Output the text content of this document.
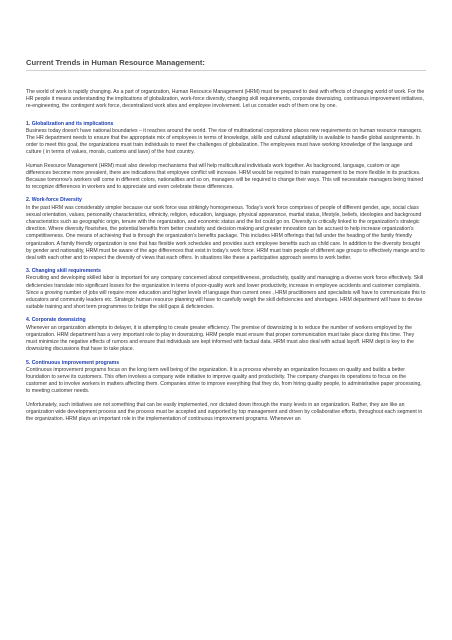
Current Trends in Human Resource Management:

The world of work is rapidly changing. As a part of organization, Human Resource Management (HRM) must be prepared to deal with effects of changing world of work. For the HR people it means understanding the implications of globalization, work-force diversity, changing skill requirements, corporate downsizing, continuous improvement initiatives, re-engineering, the contingent work force, decentralized work sites and employee involvement. Let us consider each of them one by one.

1. Globalization and its implications

Business today doesn't have national boundaries – it reaches around the world. The rise of multinational corporations places new requirements on human resource managers. The HR department needs to ensure that the appropriate mix of employees in terms of knowledge, skills and cultural adaptability is available to handle global assignments. In order to meet this goal, the organizations must train individuals to meet the challenges of globalization. The employees must have working knowledge of the language and culture ( in terms of values, morals, customs and laws) of the host country.

Human Resource Management (HRM) must also develop mechanisms that will help multicultural individuals work together. As background, language, custom or age differences become more prevalent, there are indications that employee conflict will increase. HRM would be required to train management to be more flexible in its practices. Because tomorrow's workers will come in different colors, nationalities and so on, managers will be required to change their ways. This will necessitate managers being trained to recognize differences in workers and to appreciate and even celebrate these differences.

2. Work-force Diversity

In the past HRM was considerably simpler because our work force was strikingly homogeneous. Today's work force comprises of people of different gender, age, social class sexual orientation, values, personality characteristics, ethnicity, religion, education, language, physical appearance, martial status, lifestyle, beliefs, ideologies and background characteristics such as geographic origin, tenure with the organization, and economic status and the list could go on. Diversity is critically linked to the organization's strategic direction. Where diversity flourishes, the potential benefits from better creativity and decision making and greater innovation can be accrued to help increase organization's competitiveness. One means of achieving that is through the organization's benefits package. This includes HRM offerings that fall under the heading of the family friendly organization. A family friendly organization is one that has flexible work schedules and provides such employee benefits such as child care. In addition to the diversity brought by gender and nationality, HRM must be aware of the age differences that exist in today's work force. HRM must train people of different age groups to effectively mange and to deal with each other and to respect the diversity of views that each offers. In situations like these a participative approach seems to work better.

3. Changing skill requirements

Recruiting and developing skilled labor is important for any company concerned about competitiveness, productivity, quality and managing a diverse work force effectively. Skill deficiencies translate into significant losses for the organization in terms of poor-quality work and lower productivity, increase in employee accidents and customer complaints. Since a growing number of jobs will require more education and higher levels of language than current ones , HRM practitioners and specialists will have to communicate this to educators and community leaders etc. Strategic human resource planning will have to carefully weigh the skill deficiencies and shortages. HRM department will have to devise suitable training and short term programmes to bridge the skill gaps & deficiencies.

4. Corporate downsizing

Whenever an organization attempts to delayer, it is attempting to create greater efficiency. The premise of downsizing is to reduce the number of workers employed by the organization. HRM department has a very important role to play in downsizing. HRM people must ensure that proper communication must take place during this time. They must minimize the negative effects of rumors and ensure that individuals are kept informed with factual data. HRM must also deal with actual layoff. HRM dept is key to the downsizing discussions that have to take place.

5. Continuous improvement programs

Continuous improvement programs focus on the long term well being of the organization. It is a process whereby an organization focuses on quality and builds a better foundation to serve its customers. This often involves a company wide initiative to improve quality and productivity. The company changes its operations to focus on the customer and to involve workers in matters affecting them. Companies strive to improve everything that they do, from hiring quality people, to administrative paper processing, to meeting customer needs.

Unfortunately, such initiatives are not something that can be easily implemented, nor dictated down through the many levels in an organization. Rather, they are like an organization wide development process and the process must be accepted and supported by top management and driven by collaborative efforts, throughout each segment in the organization. HRM plays an important role in the implementation of continuous improvement programs. Whenever an
